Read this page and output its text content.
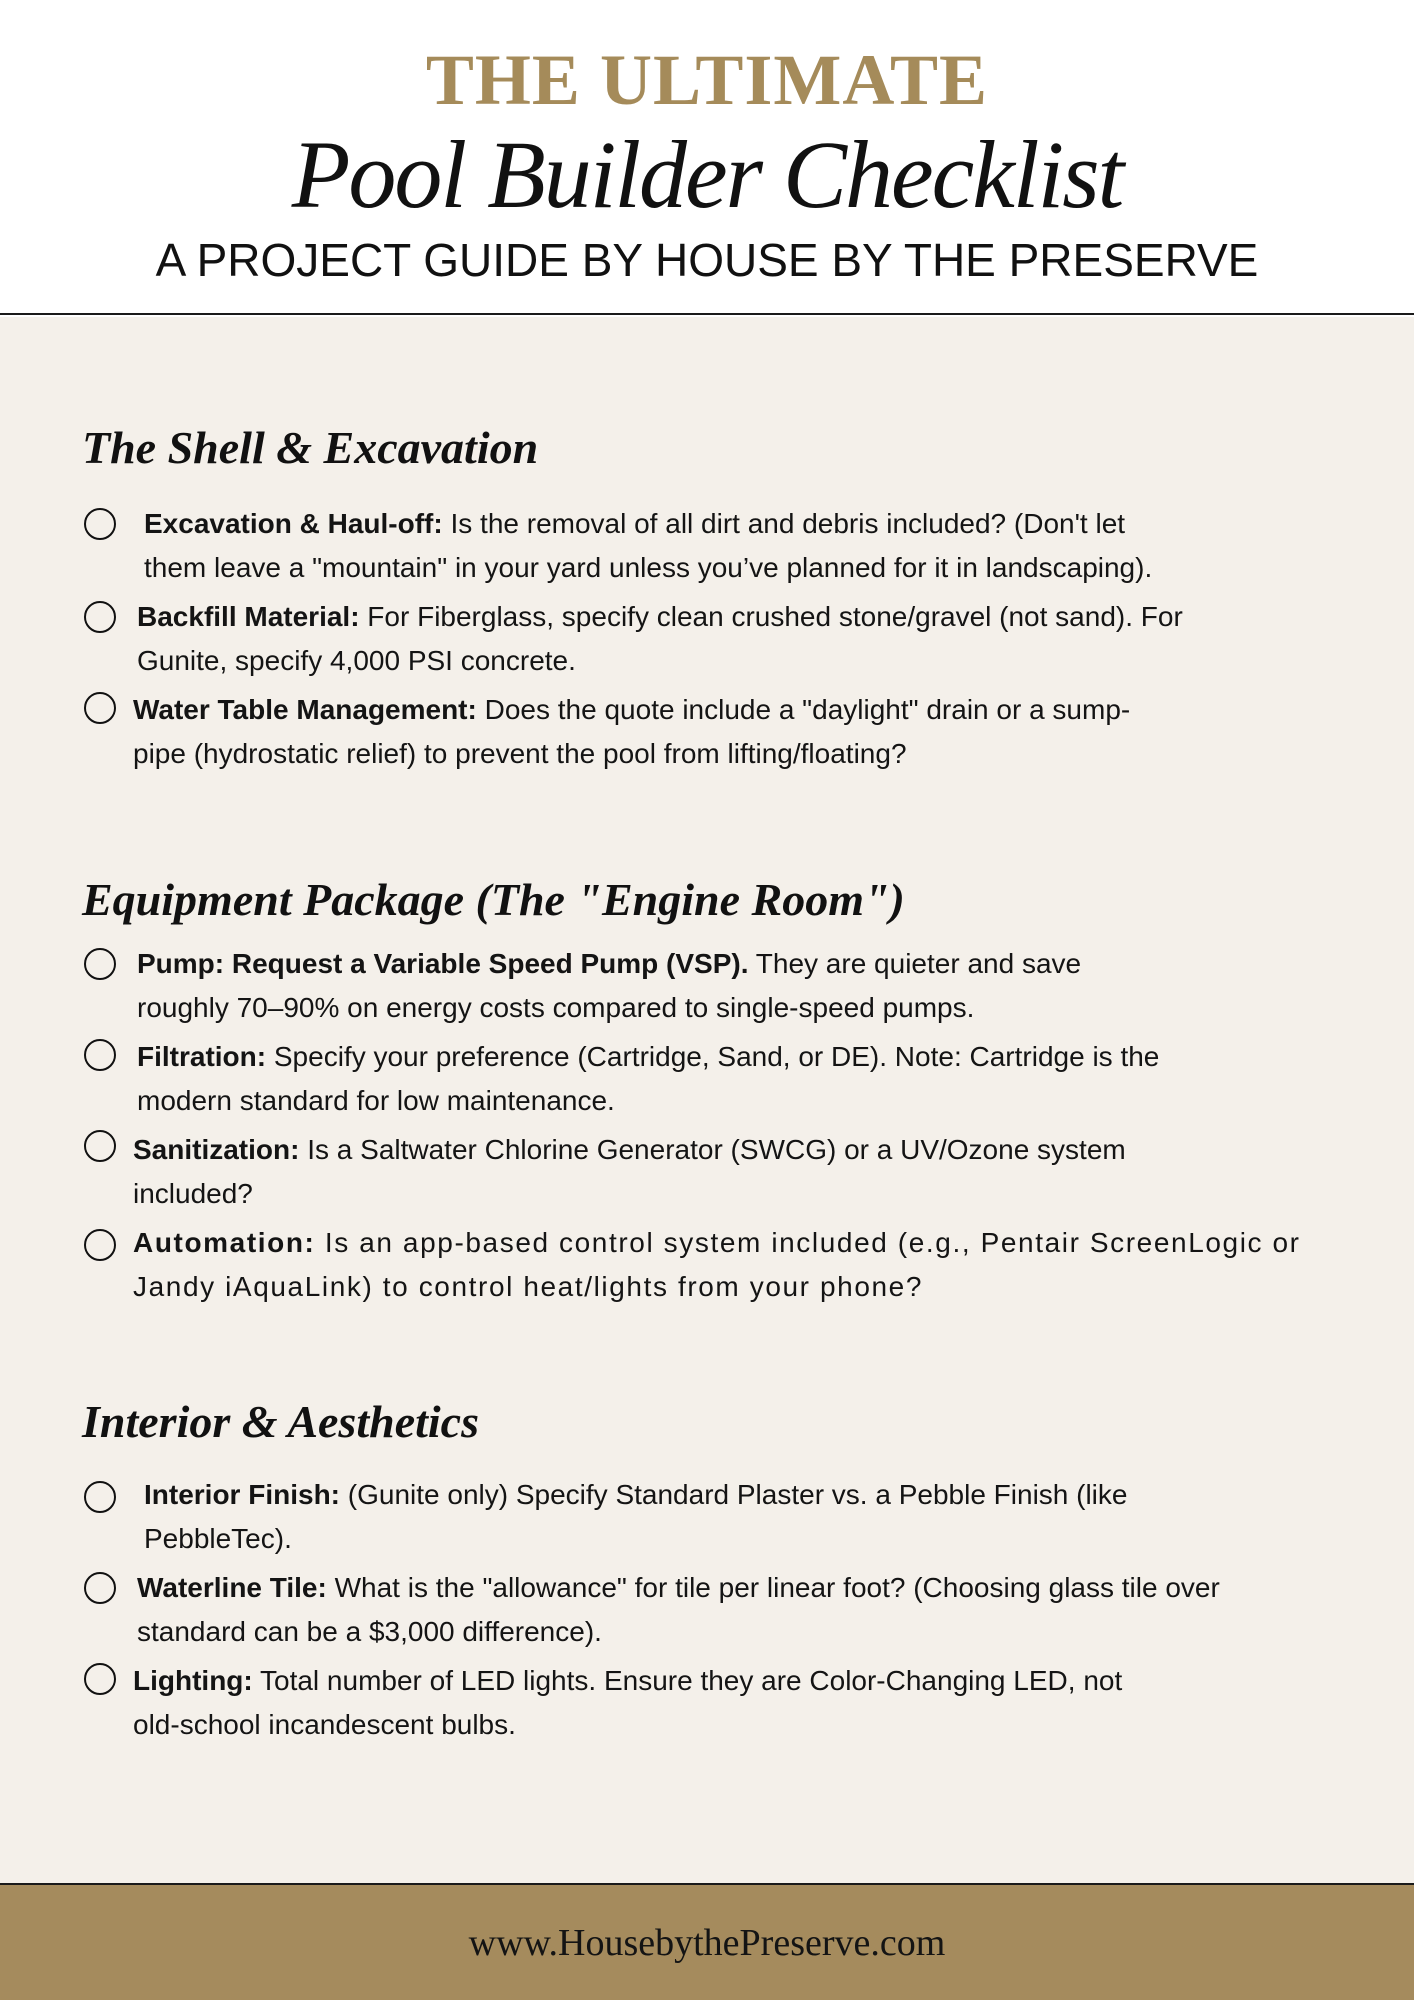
THE ULTIMATE
Pool Builder Checklist
A PROJECT GUIDE BY HOUSE BY THE PRESERVE
The Shell & Excavation
Excavation & Haul-off: Is the removal of all dirt and debris included? (Don't let
them leave a "mountain" in your yard unless you’ve planned for it in landscaping).
Backfill Material: For Fiberglass, specify clean crushed stone/gravel (not sand). For
Gunite, specify 4,000 PSI concrete.
Water Table Management: Does the quote include a "daylight" drain or a sump-
pipe (hydrostatic relief) to prevent the pool from lifting/floating?
Equipment Package (The "Engine Room")
Pump: Request a Variable Speed Pump (VSP). They are quieter and save
roughly 70–90% on energy costs compared to single-speed pumps.
Filtration: Specify your preference (Cartridge, Sand, or DE). Note: Cartridge is the
modern standard for low maintenance.
Sanitization: Is a Saltwater Chlorine Generator (SWCG) or a UV/Ozone system
included?
Automation: Is an app-based control system included (e.g., Pentair ScreenLogic or
Jandy iAquaLink) to control heat/lights from your phone?
Interior & Aesthetics
Interior Finish: (Gunite only) Specify Standard Plaster vs. a Pebble Finish (like
PebbleTec).
Waterline Tile: What is the "allowance" for tile per linear foot? (Choosing glass tile over
standard can be a $3,000 difference).
Lighting: Total number of LED lights. Ensure they are Color-Changing LED, not
old-school incandescent bulbs.
www.HousebythePreserve.com
